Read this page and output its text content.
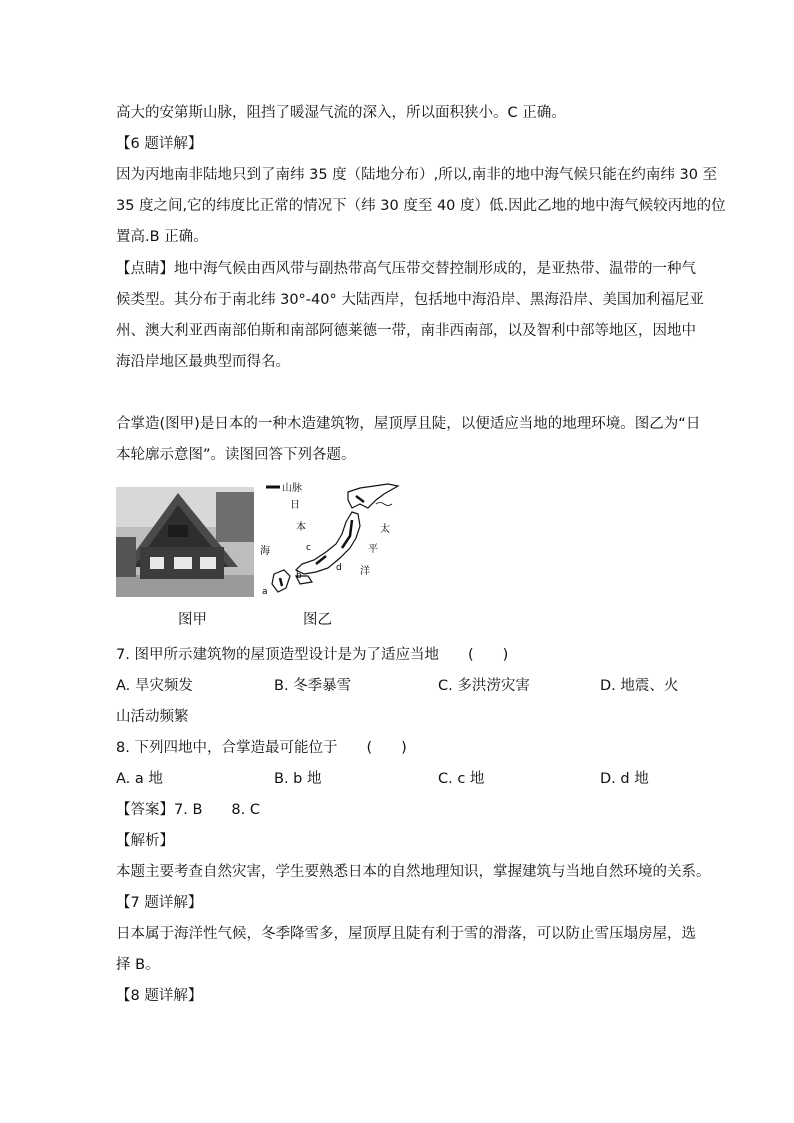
高大的安第斯山脉，阻挡了暖湿气流的深入，所以面积狭小。C 正确。
【6 题详解】
因为丙地南非陆地只到了南纬 35 度（陆地分布）,所以,南非的地中海气候只能在约南纬 30 至
35 度之间,它的纬度比正常的情况下（纬 30 度至 40 度）低.因此乙地的地中海气候较丙地的位
置高.B 正确。
【点睛】地中海气候由西风带与副热带高气压带交替控制形成的，是亚热带、温带的一种气
候类型。其分布于南北纬 30°-40° 大陆西岸，包括地中海沿岸、黑海沿岸、美国加利福尼亚
州、澳大利亚西南部伯斯和南部阿德莱德一带，南非西南部，以及智利中部等地区，因地中
海沿岸地区最典型而得名。
合掌造(图甲)是日本的一种木造建筑物，屋顶厚且陡，以便适应当地的地理环境。图乙为“日
本轮廓示意图”。读图回答下列各题。
山脉
日
本
海
太
平
洋
a
b
c
d
图甲	图乙
7. 图甲所示建筑物的屋顶造型设计是为了适应当地　　(　　)
A. 旱灾频发	B. 冬季暴雪	C. 多洪涝灾害	D. 地震、火
山活动频繁
8. 下列四地中，合掌造最可能位于　　(　　)
A. a 地	B. b 地	C. c 地	D. d 地
【答案】7. B　　8. C
【解析】
本题主要考查自然灾害，学生要熟悉日本的自然地理知识，掌握建筑与当地自然环境的关系。
【7 题详解】
日本属于海洋性气候，冬季降雪多，屋顶厚且陡有利于雪的滑落，可以防止雪压塌房屋，选
择 B。
【8 题详解】
